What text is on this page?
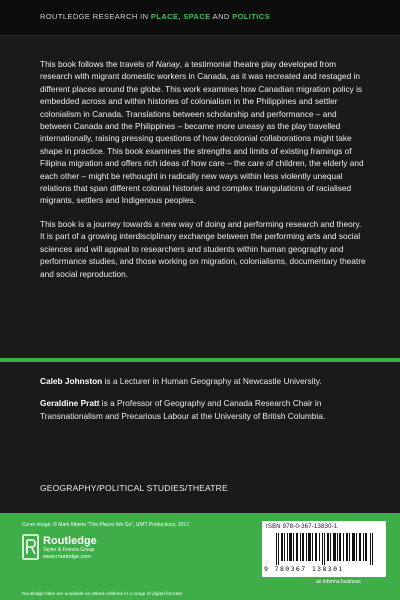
ROUTLEDGE RESEARCH IN PLACE, SPACE AND POLITICS

This book follows the travels of Nanay, a testimonial theatre play developed from research with migrant domestic workers in Canada, as it was recreated and restaged in different places around the globe. This work examines how Canadian migration policy is embedded across and within histories of colonialism in the Philippines and settler colonialism in Canada. Translations between scholarship and performance – and between Canada and the Philippines – became more uneasy as the play travelled internationally, raising pressing questions of how decolonial collaborations might take shape in practice. This book examines the strengths and limits of existing framings of Filipina migration and offers rich ideas of how care – the care of children, the elderly and each other – might be rethought in radically new ways within less violently unequal relations that span different colonial histories and complex triangulations of racialised migrants, settlers and Indigenous peoples.

This book is a journey towards a new way of doing and performing research and theory. It is part of a growing interdisciplinary exchange between the performing arts and social sciences and will appeal to researchers and students within human geography and performance studies, and those working on migration, colonialisms, documentary theatre and social reproduction.

Caleb Johnston is a Lecturer in Human Geography at Newcastle University.

Geraldine Pratt is a Professor of Geography and Canada Research Chair in Transnationalism and Precarious Labour at the University of British Columbia.

GEOGRAPHY/POLITICAL STUDIES/THEATRE
Cover image: © Mark Alberto "The Places We Go", UNIT Productions, 2017.
Routledge
Taylor & Francis Group
www.routledge.com
Routledge titles are available as eBook editions in a range of digital formats
ISBN 978-0-367-13830-1
9 780367 138301
an informa business
